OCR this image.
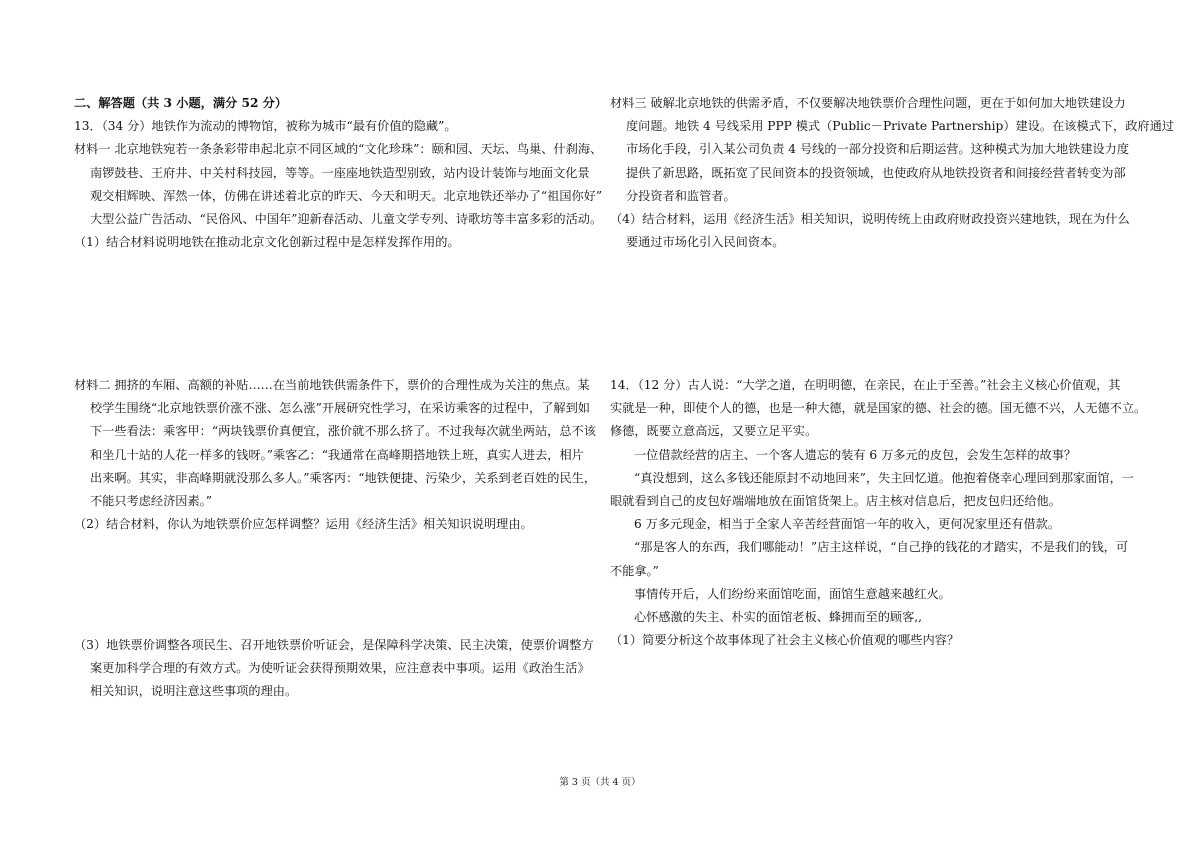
二、解答题（共 3 小题，满分 52 分）
13．（34 分）地铁作为流动的博物馆，被称为城市“最有价值的隐藏”。
材料一 北京地铁宛若一条条彩带串起北京不同区域的“文化珍珠”：颐和园、天坛、鸟巢、什刹海、
南锣鼓巷、王府井、中关村科技园，等等。一座座地铁造型别致，站内设计装饰与地面文化景
观交相辉映、浑然一体，仿佛在讲述着北京的昨天、今天和明天。北京地铁还举办了“祖国你好”
大型公益广告活动、“民俗风、中国年”迎新春活动、儿童文学专列、诗歌坊等丰富多彩的活动。
（1）结合材料说明地铁在推动北京文化创新过程中是怎样发挥作用的。
材料二 拥挤的车厢、高额的补贴……在当前地铁供需条件下，票价的合理性成为关注的焦点。某
校学生围绕“北京地铁票价涨不涨、怎么涨”开展研究性学习，在采访乘客的过程中，了解到如
下一些看法：乘客甲：“两块钱票价真便宜，涨价就不那么挤了。不过我每次就坐两站，总不该
和坐几十站的人花一样多的钱呀。”乘客乙：“我通常在高峰期搭地铁上班，真实人进去，相片
出来啊。其实，非高峰期就没那么多人。”乘客丙：“地铁便捷、污染少，关系到老百姓的民生，
不能只考虑经济因素。”
（2）结合材料，你认为地铁票价应怎样调整？运用《经济生活》相关知识说明理由。
（3）地铁票价调整各项民生、召开地铁票价听证会，是保障科学决策、民主决策，使票价调整方
案更加科学合理的有效方式。为使听证会获得预期效果，应注意表中事项。运用《政治生活》
相关知识，说明注意这些事项的理由。
材料三 破解北京地铁的供需矛盾，不仅要解决地铁票价合理性问题，更在于如何加大地铁建设力
度问题。地铁 4 号线采用 PPP 模式（Public－Private Partnership）建设。在该模式下，政府通过
市场化手段，引入某公司负责 4 号线的一部分投资和后期运营。这种模式为加大地铁建设力度
提供了新思路，既拓宽了民间资本的投资领域，也使政府从地铁投资者和间接经营者转变为部
分投资者和监管者。
（4）结合材料，运用《经济生活》相关知识，说明传统上由政府财政投资兴建地铁，现在为什么
要通过市场化引入民间资本。
14．（12 分）古人说：“大学之道，在明明德，在亲民，在止于至善。”社会主义核心价值观，其
实就是一种，即使个人的德，也是一种大德，就是国家的德、社会的德。国无德不兴，人无德不立。
修德，既要立意高远，又要立足平实。
一位借款经营的店主、一个客人遗忘的装有 6 万多元的皮包，会发生怎样的故事？
“真没想到，这么多钱还能原封不动地回来”，失主回忆道。他抱着侥幸心理回到那家面馆，一
眼就看到自己的皮包好端端地放在面馆货架上。店主核对信息后，把皮包归还给他。
6 万多元现金，相当于全家人辛苦经营面馆一年的收入，更何况家里还有借款。
“那是客人的东西，我们哪能动！”店主这样说，“自己挣的钱花的才踏实，不是我们的钱，可
不能拿。”
事情传开后，人们纷纷来面馆吃面，面馆生意越来越红火。
心怀感激的失主、朴实的面馆老板、蜂拥而至的顾客,,
（1）简要分析这个故事体现了社会主义核心价值观的哪些内容？
第 3 页（共 4 页）
